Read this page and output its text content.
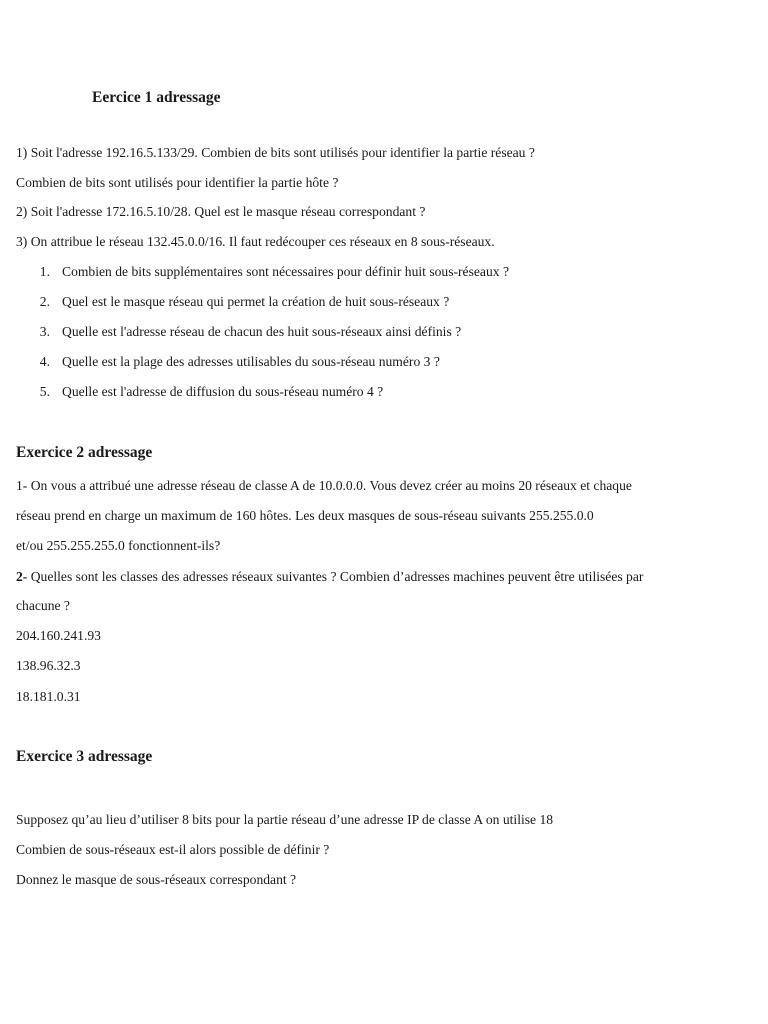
Eercice 1 adressage
1) Soit l'adresse 192.16.5.133/29. Combien de bits sont utilisés pour identifier la partie réseau ?
Combien de bits sont utilisés pour identifier la partie hôte ?
2) Soit l'adresse 172.16.5.10/28. Quel est le masque réseau correspondant ?
3) On attribue le réseau 132.45.0.0/16. Il faut redécouper ces réseaux en 8 sous-réseaux.
1. Combien de bits supplémentaires sont nécessaires pour définir huit sous-réseaux ?
2. Quel est le masque réseau qui permet la création de huit sous-réseaux ?
3. Quelle est l'adresse réseau de chacun des huit sous-réseaux ainsi définis ?
4. Quelle est la plage des adresses utilisables du sous-réseau numéro 3 ?
5. Quelle est l'adresse de diffusion du sous-réseau numéro 4 ?
Exercice 2 adressage
1- On vous a attribué une adresse réseau de classe A de 10.0.0.0. Vous devez créer au moins 20 réseaux et chaque
réseau prend en charge un maximum de 160 hôtes. Les deux masques de sous-réseau suivants 255.255.0.0
et/ou 255.255.255.0 fonctionnent-ils?
2- Quelles sont les classes des adresses réseaux suivantes ? Combien d’adresses machines peuvent être utilisées par
chacune ?
204.160.241.93
138.96.32.3
18.181.0.31
Exercice 3 adressage
Supposez qu’au lieu d’utiliser 8 bits pour la partie réseau d’une adresse IP de classe A on utilise 18
Combien de sous-réseaux est-il alors possible de définir ?
Donnez le masque de sous-réseaux correspondant ?
